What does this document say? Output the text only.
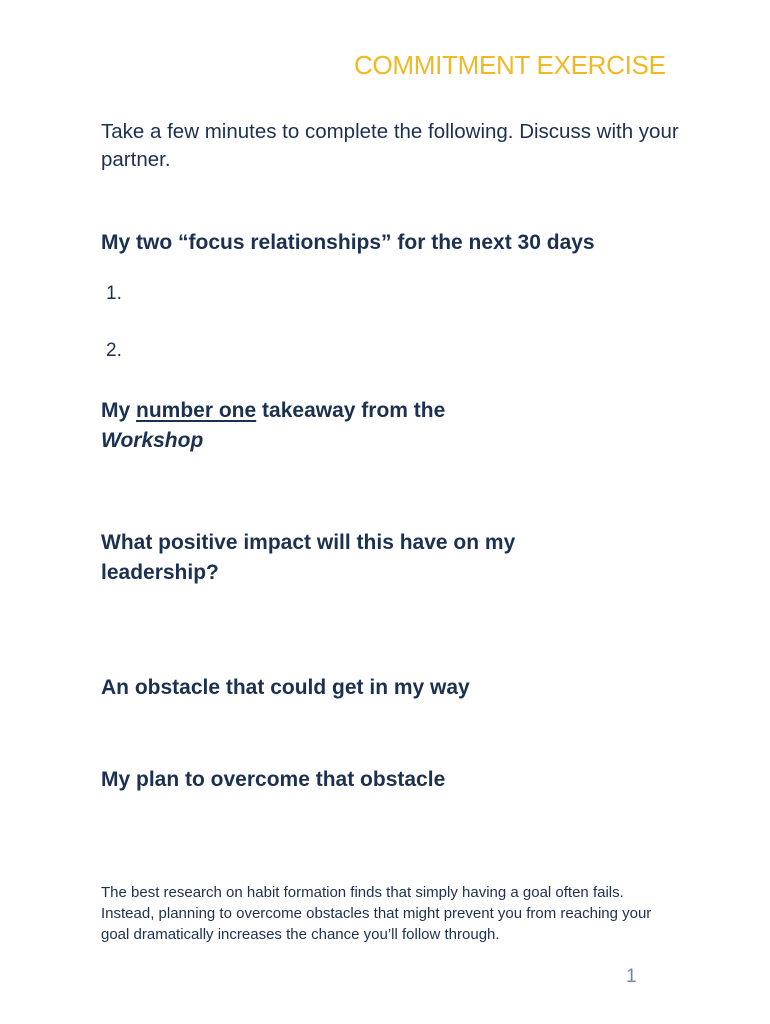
COMMITMENT EXERCISE
Take a few minutes to complete the following. Discuss with your partner.
My two “focus relationships” for the next 30 days
1.
2.
My number one takeaway from the Workshop
What positive impact will this have on my leadership?
An obstacle that could get in my way
My plan to overcome that obstacle
The best research on habit formation finds that simply having a goal often fails. Instead, planning to overcome obstacles that might prevent you from reaching your goal dramatically increases the chance you’ll follow through.
1
